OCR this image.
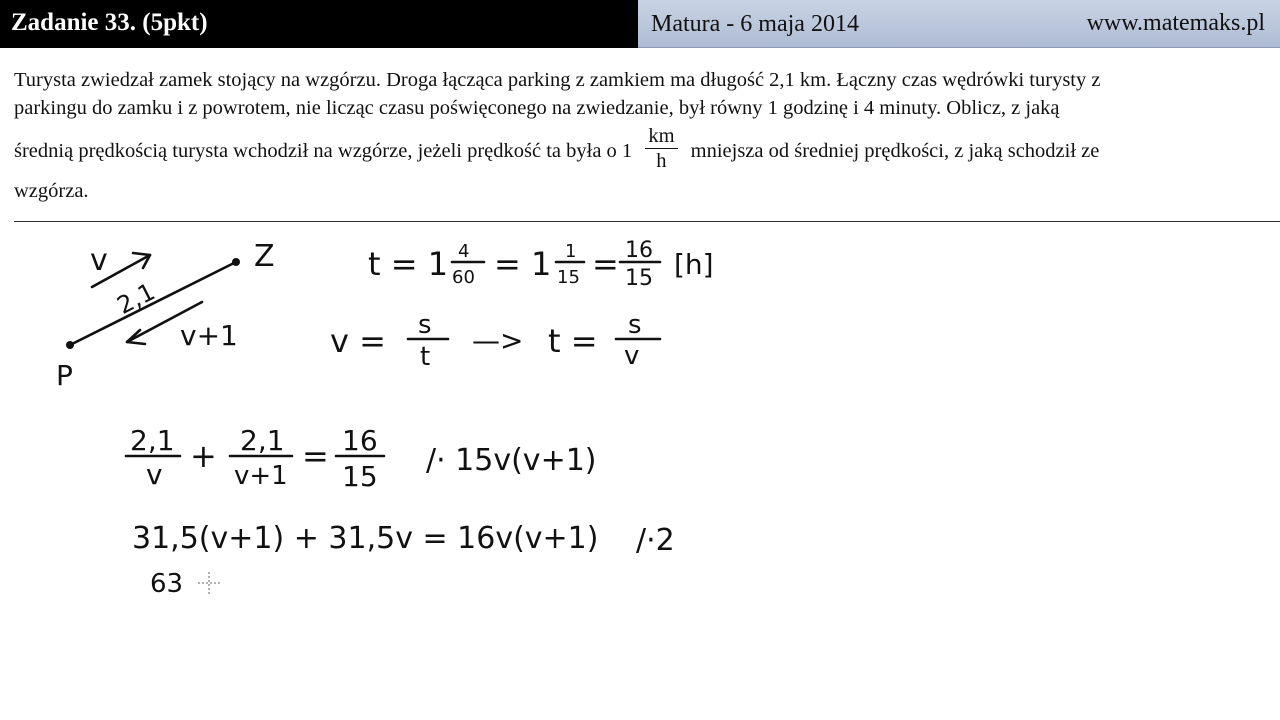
Zadanie 33. (5pkt)	Matura - 6 maja 2014	www.matemaks.pl
Turysta zwiedzał zamek stojący na wzgórzu. Droga łącząca parking z zamkiem ma długość 2,1 km. Łączny czas wędrówki turysty z
parkingu do zamku i z powrotem, nie licząc czasu poświęconego na zwiedzanie, był równy 1 godzinę i 4 minuty. Oblicz, z jaką
średnią prędkością turysta wchodził na wzgórze, jeżeli prędkość ta była o $1 \frac{km}{h}$ mniejsza od średniej prędkości, z jaką schodził ze
wzgórza.
Z
P
v
2,1
v+1
t = 1 4
60 = 1 1
15 = 16
15 [h]
v = s
t —> t = s
v
2,1
v + 2,1
v+1
= 16
15 /· 15v(v+1)
31,5(v+1) + 31,5v = 16v(v+1) /·2
63
